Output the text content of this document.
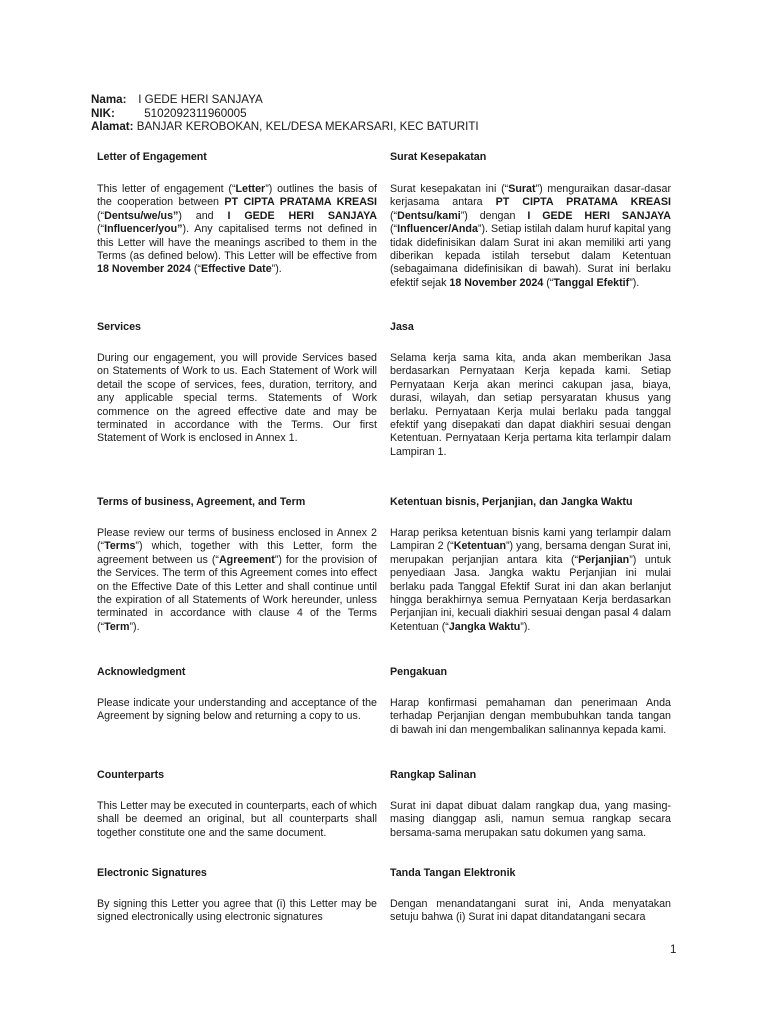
Nama: I GEDE HERI SANJAYA
NIK:	5102092311960005
Alamat: BANJAR KEROBOKAN, KEL/DESA MEKARSARI, KEC BATURITI
Letter of Engagement
This letter of engagement (“Letter”) outlines the basis of the cooperation between PT CIPTA PRATAMA KREASI (“Dentsu/we/us”) and I GEDE HERI SANJAYA (“Influencer/you”). Any capitalised terms not defined in this Letter will have the meanings ascribed to them in the Terms (as defined below). This Letter will be effective from 18 November 2024 (“Effective Date”).
Services
During our engagement, you will provide Services based on Statements of Work to us. Each Statement of Work will detail the scope of services, fees, duration, territory, and any applicable special terms. Statements of Work commence on the agreed effective date and may be terminated in accordance with the Terms. Our first Statement of Work is enclosed in Annex 1.
Terms of business, Agreement, and Term
Please review our terms of business enclosed in Annex 2 (“Terms”) which, together with this Letter, form the agreement between us (“Agreement”) for the provision of the Services. The term of this Agreement comes into effect on the Effective Date of this Letter and shall continue until the expiration of all Statements of Work hereunder, unless terminated in accordance with clause 4 of the Terms (“Term”).
Acknowledgment
Please indicate your understanding and acceptance of the Agreement by signing below and returning a copy to us.
Counterparts
This Letter may be executed in counterparts, each of which shall be deemed an original, but all counterparts shall together constitute one and the same document.
Electronic Signatures
By signing this Letter you agree that (i) this Letter may be signed electronically using electronic signatures
Surat Kesepakatan
Surat kesepakatan ini (“Surat”) menguraikan dasar-dasar kerjasama antara PT CIPTA PRATAMA KREASI (“Dentsu/kami”) dengan I GEDE HERI SANJAYA (“Influencer/Anda”). Setiap istilah dalam huruf kapital yang tidak didefinisikan dalam Surat ini akan memiliki arti yang diberikan kepada istilah tersebut dalam Ketentuan (sebagaimana didefinisikan di bawah). Surat ini berlaku efektif sejak 18 November 2024 (“Tanggal Efektif”).
Jasa
Selama kerja sama kita, anda akan memberikan Jasa berdasarkan Pernyataan Kerja kepada kami. Setiap Pernyataan Kerja akan merinci cakupan jasa, biaya, durasi, wilayah, dan setiap persyaratan khusus yang berlaku. Pernyataan Kerja mulai berlaku pada tanggal efektif yang disepakati dan dapat diakhiri sesuai dengan Ketentuan. Pernyataan Kerja pertama kita terlampir dalam Lampiran 1.
Ketentuan bisnis, Perjanjian, dan Jangka Waktu
Harap periksa ketentuan bisnis kami yang terlampir dalam Lampiran 2 (“Ketentuan”) yang, bersama dengan Surat ini, merupakan perjanjian antara kita (“Perjanjian”) untuk penyediaan Jasa. Jangka waktu Perjanjian ini mulai berlaku pada Tanggal Efektif Surat ini dan akan berlanjut hingga berakhirnya semua Pernyataan Kerja berdasarkan Perjanjian ini, kecuali diakhiri sesuai dengan pasal 4 dalam Ketentuan (“Jangka Waktu”).
Pengakuan
Harap konfirmasi pemahaman dan penerimaan Anda terhadap Perjanjian dengan membubuhkan tanda tangan di bawah ini dan mengembalikan salinannya kepada kami.
Rangkap Salinan
Surat ini dapat dibuat dalam rangkap dua, yang masing-masing dianggap asli, namun semua rangkap secara bersama-sama merupakan satu dokumen yang sama.
Tanda Tangan Elektronik
Dengan menandatangani surat ini, Anda menyatakan setuju bahwa (i) Surat ini dapat ditandatangani secara
1
